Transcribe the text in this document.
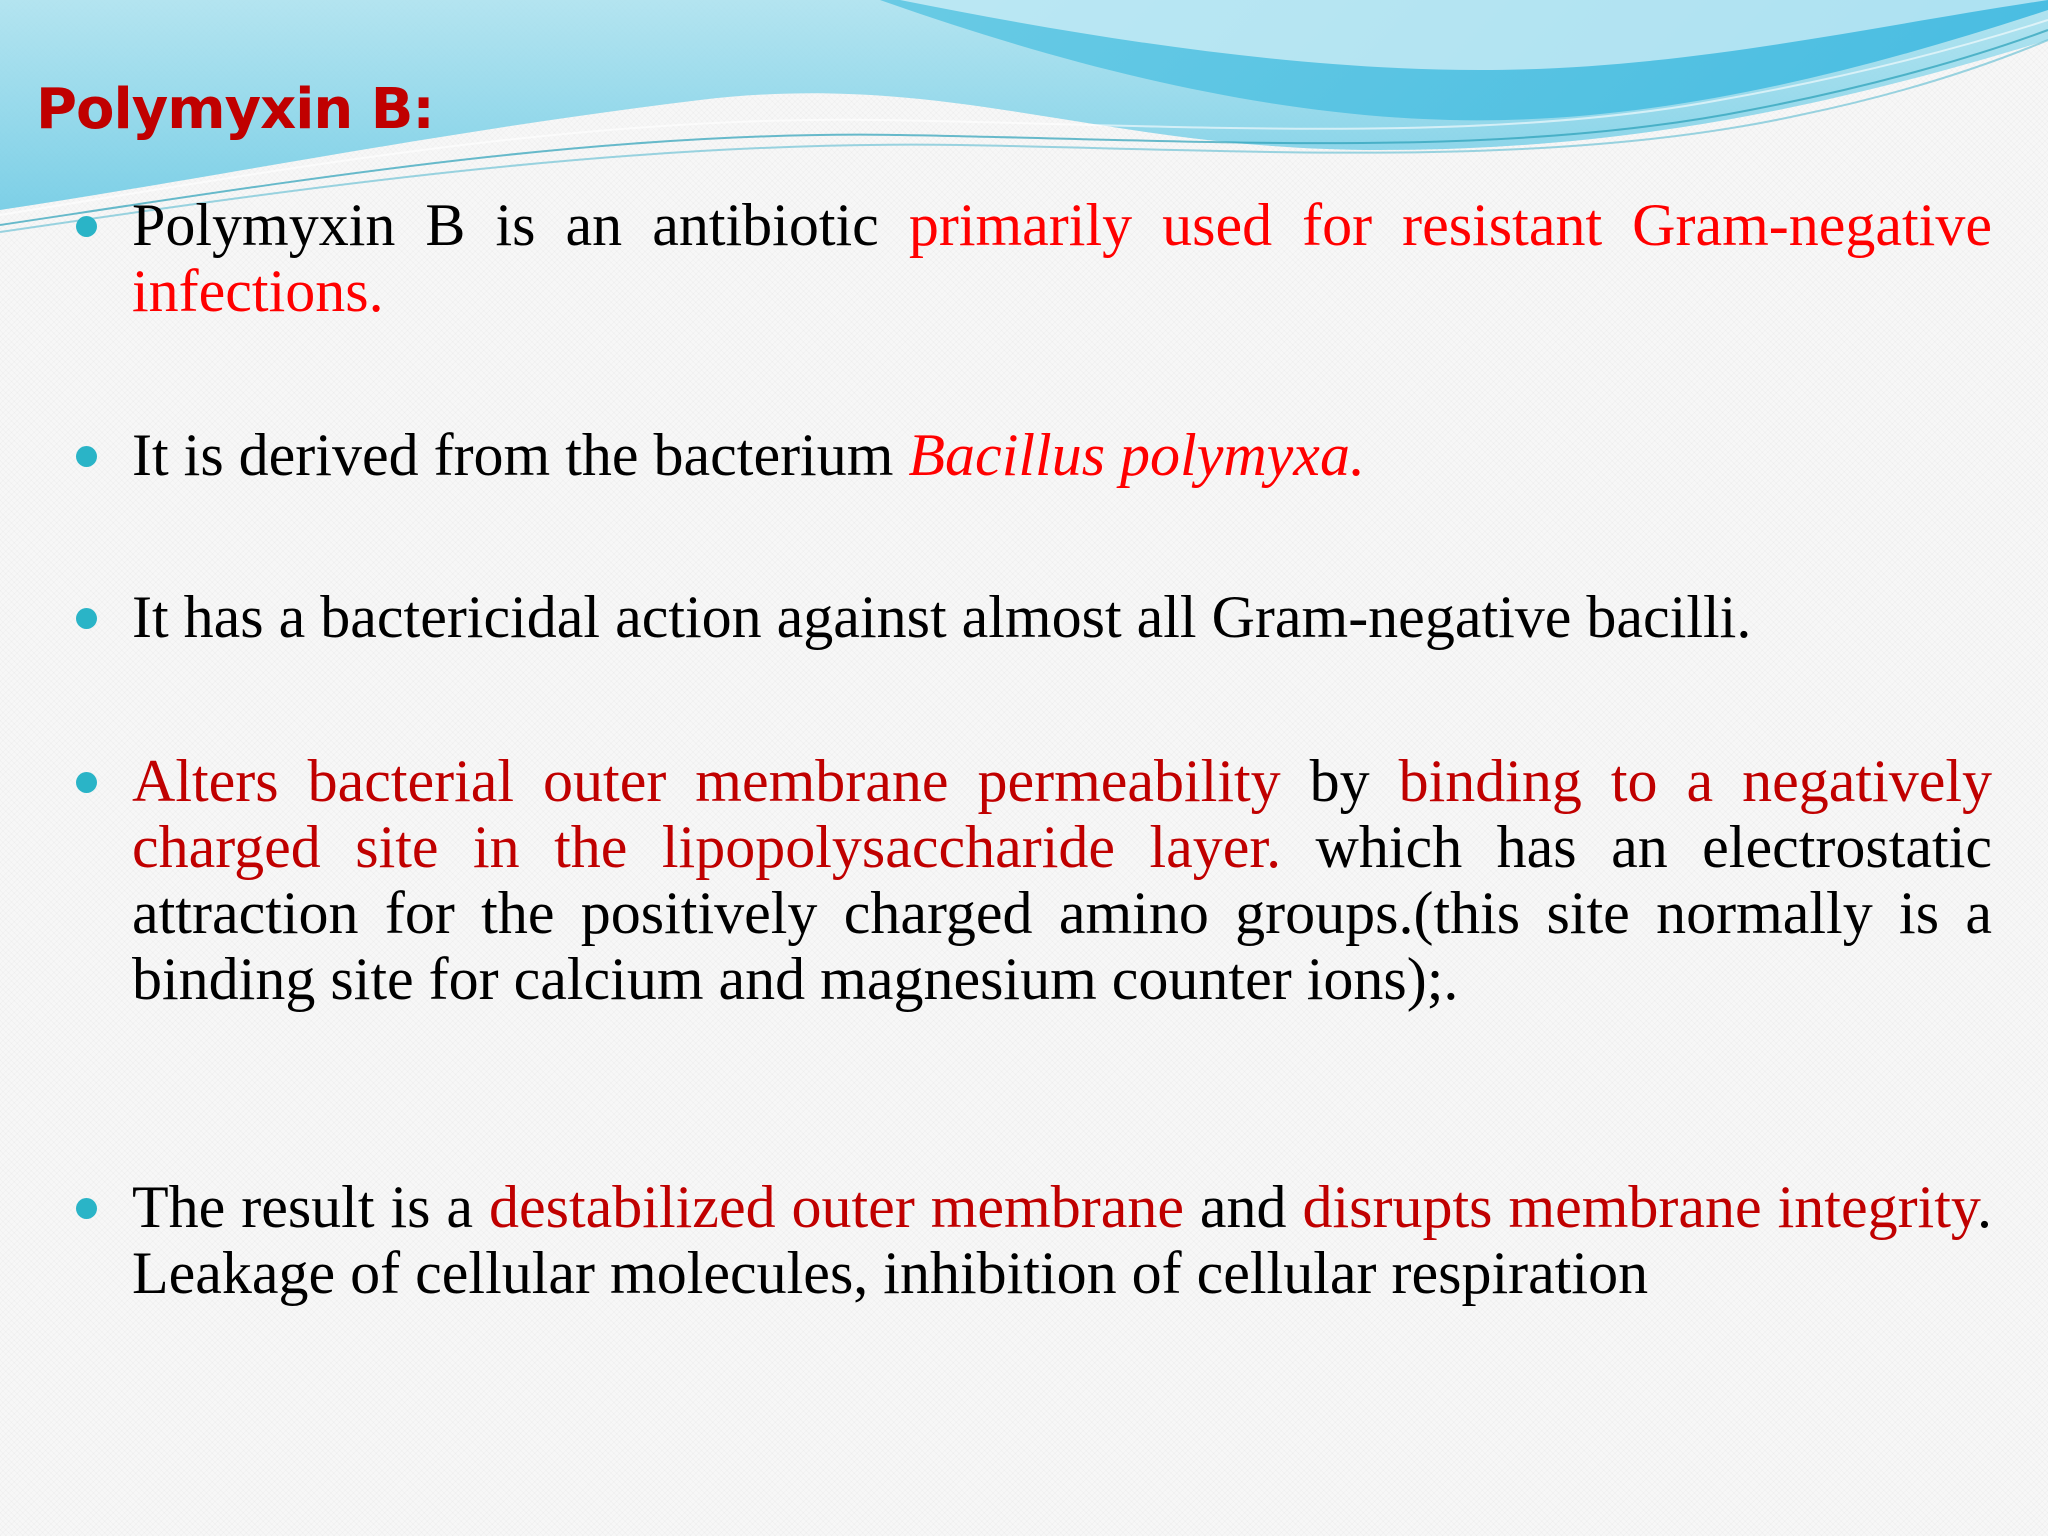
Polymyxin B:
Polymyxin B is an antibiotic primarily used for resistant Gram-negative infections.
It is derived from the bacterium Bacillus polymyxa.
It has a bactericidal action against almost all Gram-negative bacilli.
Alters bacterial outer membrane permeability by binding to a negatively charged site in the lipopolysaccharide layer. which has an electrostatic attraction for the positively charged amino groups.(this site normally is a binding site for calcium and magnesium counter ions);.
The result is a destabilized outer membrane and disrupts membrane integrity. Leakage of cellular molecules, inhibition of cellular respiration
